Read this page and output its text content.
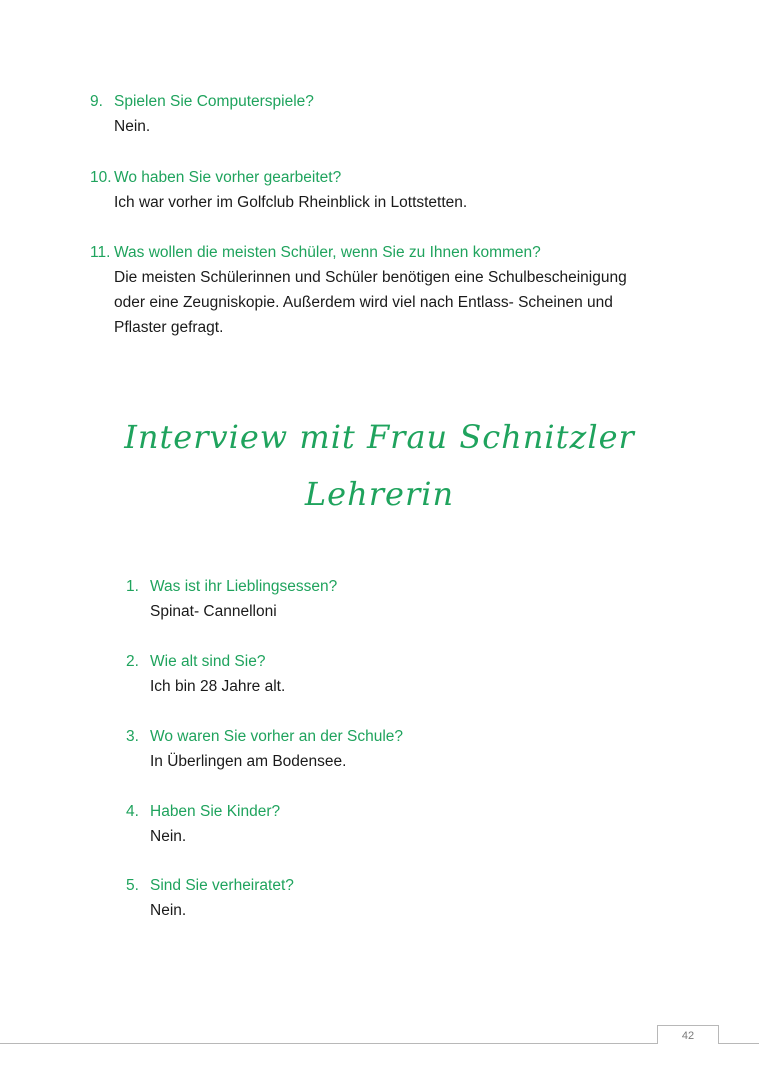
9. Spielen Sie Computerspiele?
Nein.
10. Wo haben Sie vorher gearbeitet?
Ich war vorher im Golfclub Rheinblick in Lottstetten.
11. Was wollen die meisten Schüler, wenn Sie zu Ihnen kommen?
Die meisten Schülerinnen und Schüler benötigen eine Schulbescheinigung
oder eine Zeugniskopie. Außerdem wird viel nach Entlass- Scheinen und
Pflaster gefragt.
Interview mit Frau Schnitzler
Lehrerin
1. Was ist ihr Lieblingsessen?
Spinat- Cannelloni
2. Wie alt sind Sie?
Ich bin 28 Jahre alt.
3. Wo waren Sie vorher an der Schule?
In Überlingen am Bodensee.
4. Haben Sie Kinder?
Nein.
5. Sind Sie verheiratet?
Nein.
42
